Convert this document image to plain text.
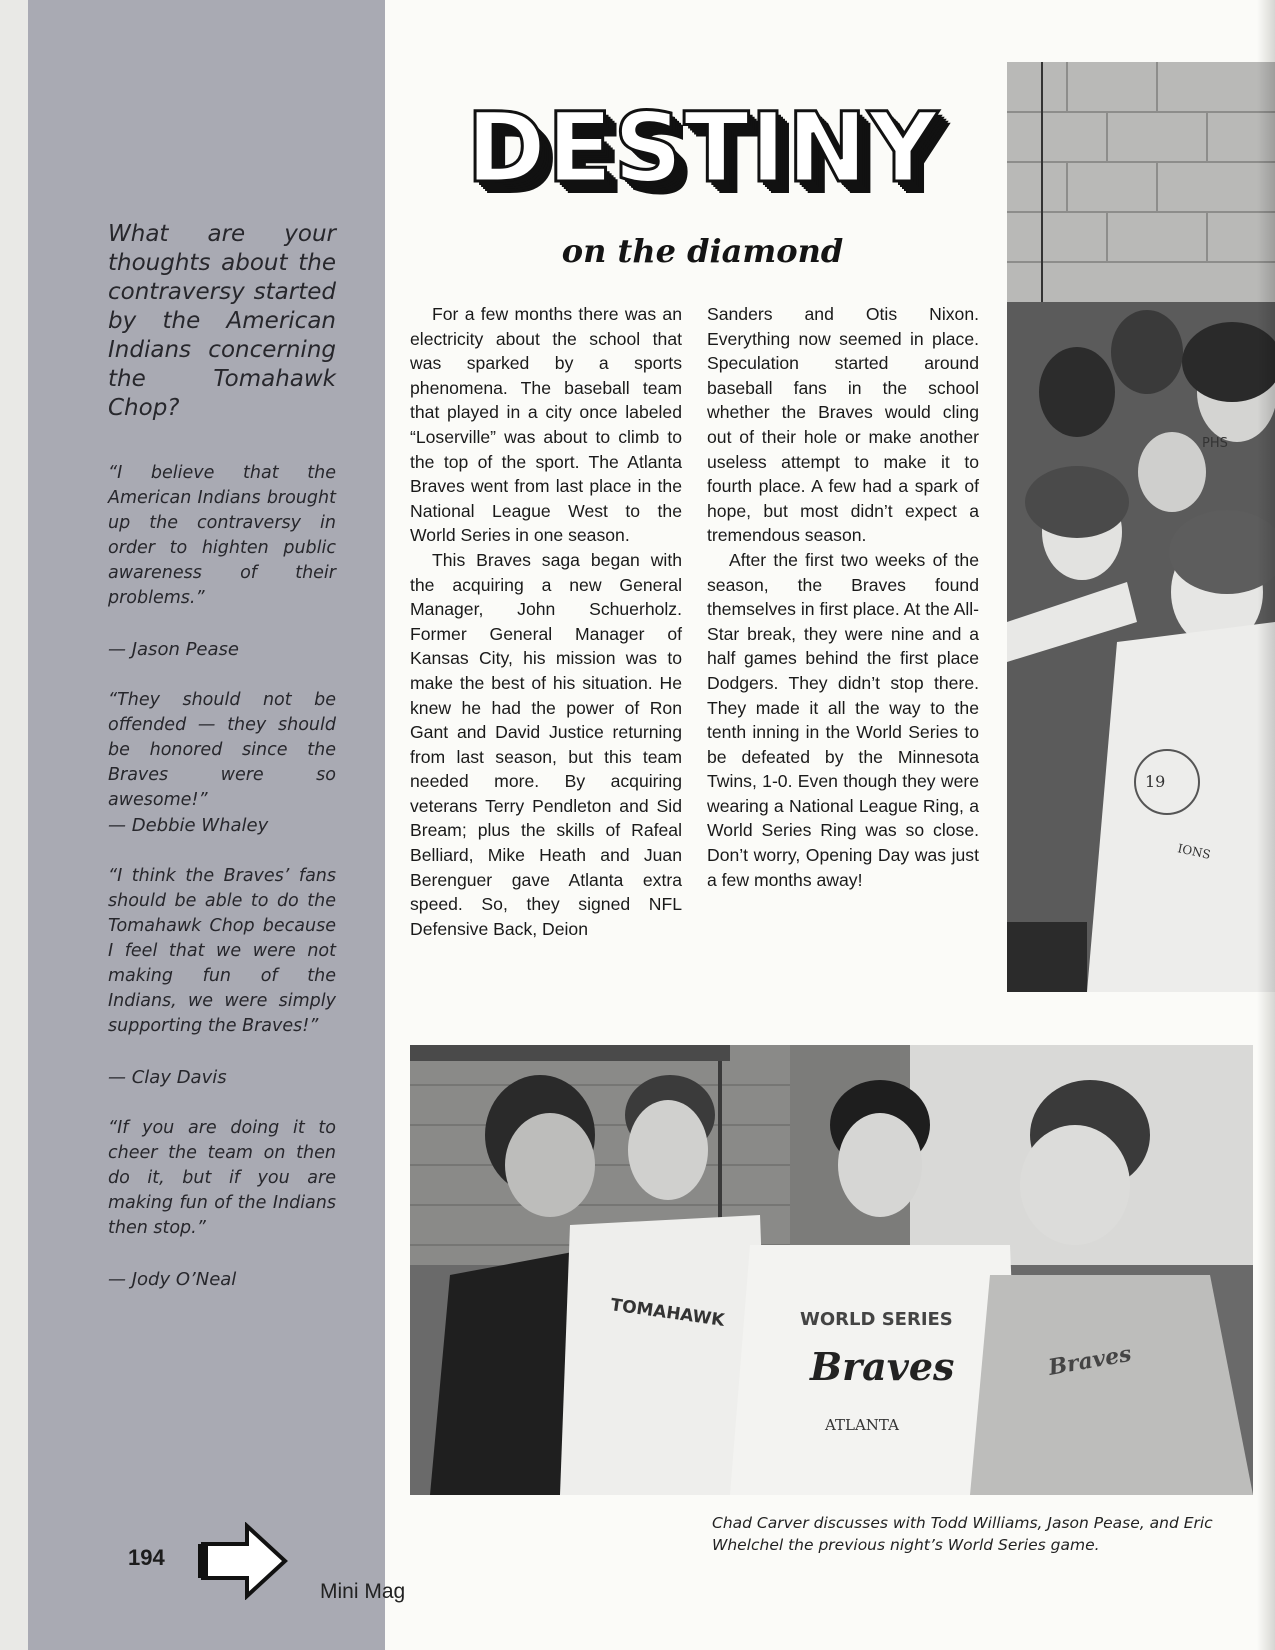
What are your thoughts about the contraversy started by the American Indians concerning the Tomahawk Chop?

“I believe that the American Indians brought up the contraversy in order to highten public awareness of their problems.”

— Jason Pease

“They should not be offended — they should be honored since the Braves were so awesome!”

— Debbie Whaley

“I think the Braves’ fans should be able to do the Tomahawk Chop because I feel that we were not making fun of the Indians, we were simply supporting the Braves!”

— Clay Davis

“If you are doing it to cheer the team on then do it, but if you are making fun of the Indians then stop.”

— Jody O’Neal

DESTINY
on the diamond

For a few months there was an electricity about the school that was sparked by a sports phenomena. The baseball team that played in a city once labeled “Loserville” was about to climb to the top of the sport. The Atlanta Braves went from last place in the National League West to the World Series in one season.

This Braves saga began with the acquiring a new General Manager, John Schuerholz. Former General Manager of Kansas City, his mission was to make the best of his situation. He knew he had the power of Ron Gant and David Justice returning from last season, but this team needed more. By acquiring veterans Terry Pendleton and Sid Bream; plus the skills of Rafeal Belliard, Mike Heath and Juan Berenguer gave Atlanta extra speed. So, they signed NFL Defensive Back, Deion

Sanders and Otis Nixon. Everything now seemed in place. Speculation started around baseball fans in the school whether the Braves would cling out of their hole or make another useless attempt to make it to fourth place. A few had a spark of hope, but most didn’t expect a tremendous season.

After the first two weeks of the season, the Braves found themselves in first place. At the All-Star break, they were nine and a half games behind the first place Dodgers. They didn’t stop there. They made it all the way to the tenth inning in the World Series to be defeated by the Minnesota Twins, 1-0. Even though they were wearing a National League Ring, a World Series Ring was so close. Don’t worry, Opening Day was just a few months away!

19
IONS
PHS
TOMAHAWK	WORLD SERIES
Braves
ATLANTA
Braves
Chad Carver discusses with Todd Williams, Jason Pease, and Eric Whelchel the previous night’s World Series game.
194
Mini Mag
